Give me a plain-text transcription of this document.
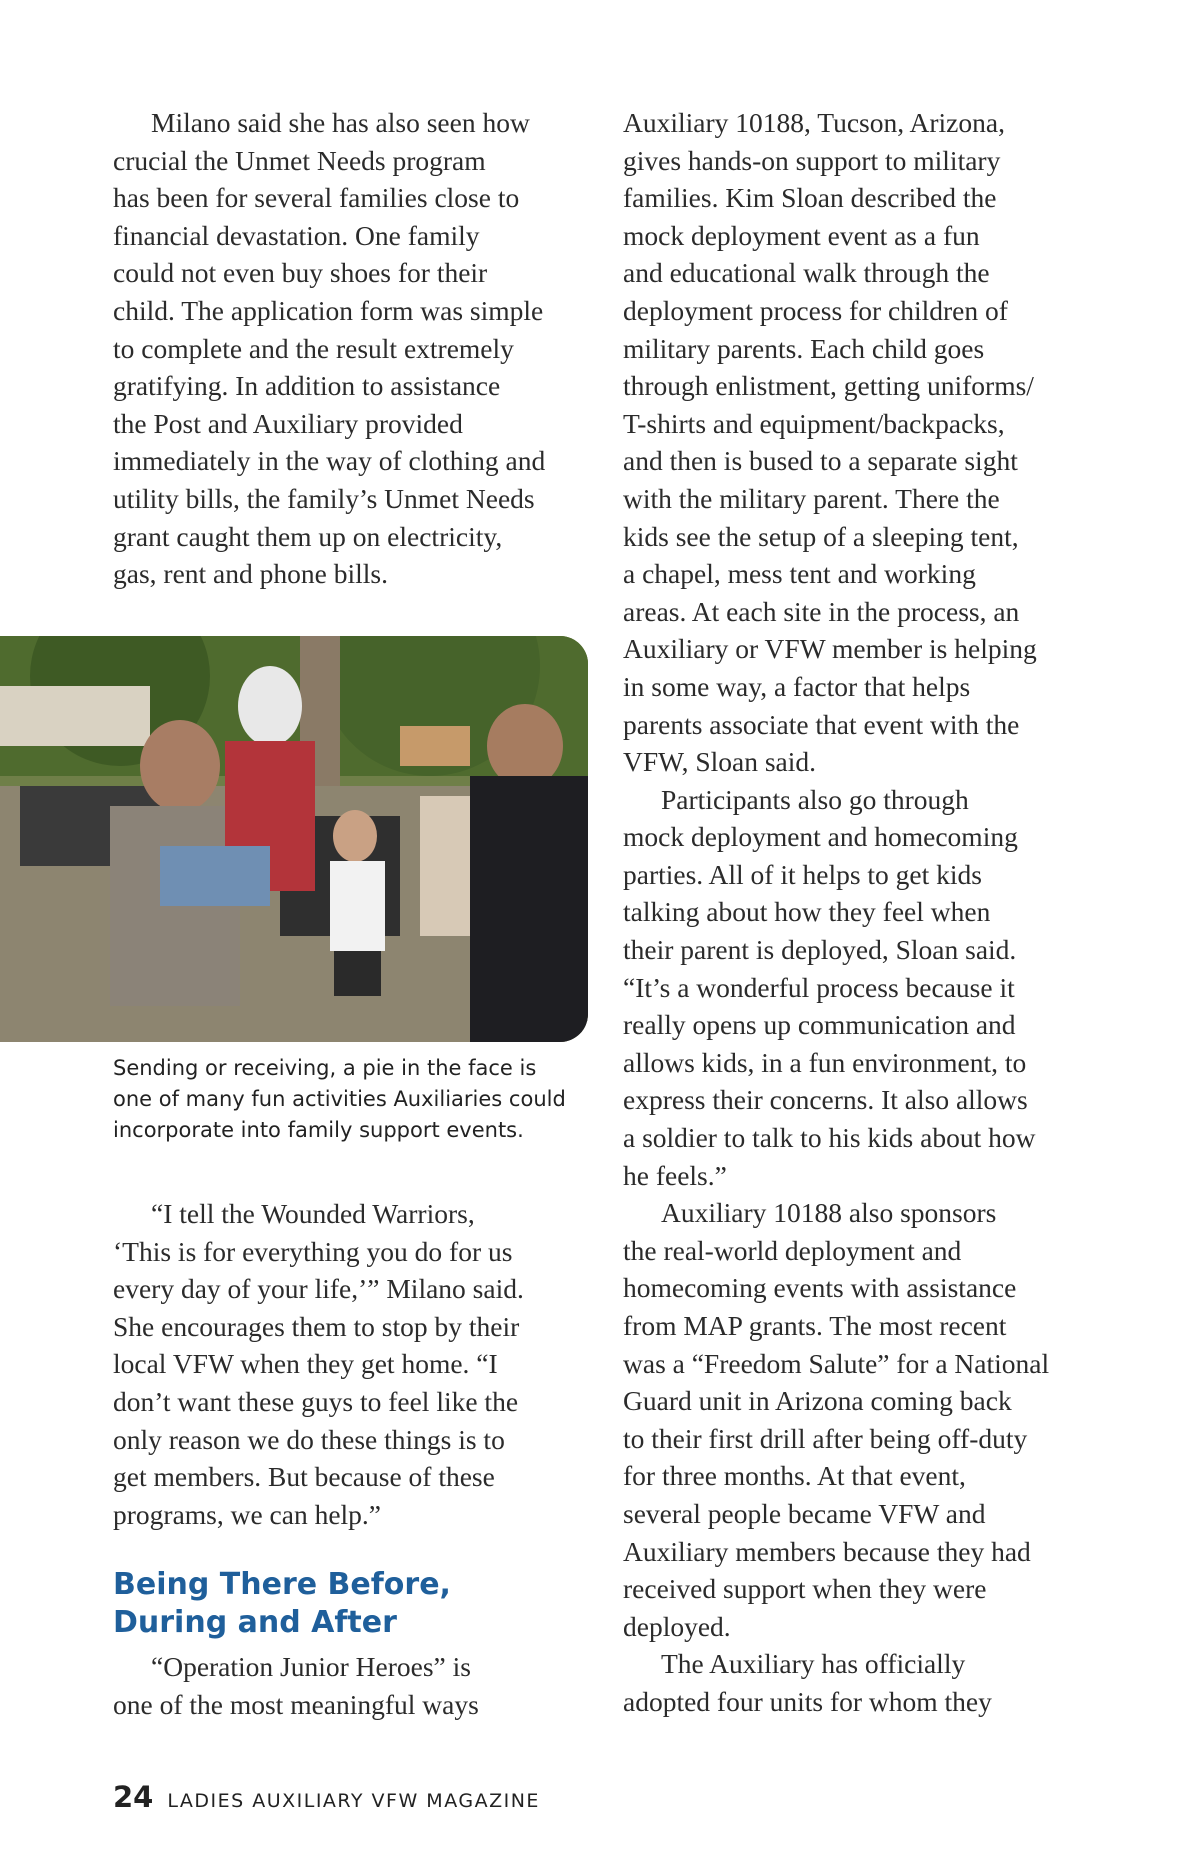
Milano said she has also seen how
crucial the Unmet Needs program
has been for several families close to
financial devastation. One family
could not even buy shoes for their
child. The application form was simple
to complete and the result extremely
gratifying. In addition to assistance
the Post and Auxiliary provided
immediately in the way of clothing and
utility bills, the family’s Unmet Needs
grant caught them up on electricity,
gas, rent and phone bills.
Sending or receiving, a pie in the face is
one of many fun activities Auxiliaries could
incorporate into family support events.
“I tell the Wounded Warriors,
‘This is for everything you do for us
every day of your life,’” Milano said.
She encourages them to stop by their
local VFW when they get home. “I
don’t want these guys to feel like the
only reason we do these things is to
get members. But because of these
programs, we can help.”
Being There Before,
During and After
“Operation Junior Heroes” is
one of the most meaningful ways
Auxiliary 10188, Tucson, Arizona,
gives hands-on support to military
families. Kim Sloan described the
mock deployment event as a fun
and educational walk through the
deployment process for children of
military parents. Each child goes
through enlistment, getting uniforms/
T-shirts and equipment/backpacks,
and then is bused to a separate sight
with the military parent. There the
kids see the setup of a sleeping tent,
a chapel, mess tent and working
areas. At each site in the process, an
Auxiliary or VFW member is helping
in some way, a factor that helps
parents associate that event with the
VFW, Sloan said.
Participants also go through
mock deployment and homecoming
parties. All of it helps to get kids
talking about how they feel when
their parent is deployed, Sloan said.
“It’s a wonderful process because it
really opens up communication and
allows kids, in a fun environment, to
express their concerns. It also allows
a soldier to talk to his kids about how
he feels.”
Auxiliary 10188 also sponsors
the real-world deployment and
homecoming events with assistance
from MAP grants. The most recent
was a “Freedom Salute” for a National
Guard unit in Arizona coming back
to their first drill after being off-duty
for three months. At that event,
several people became VFW and
Auxiliary members because they had
received support when they were
deployed.
The Auxiliary has officially
adopted four units for whom they
24 LADIES AUXILIARY VFW MAGAZINE
